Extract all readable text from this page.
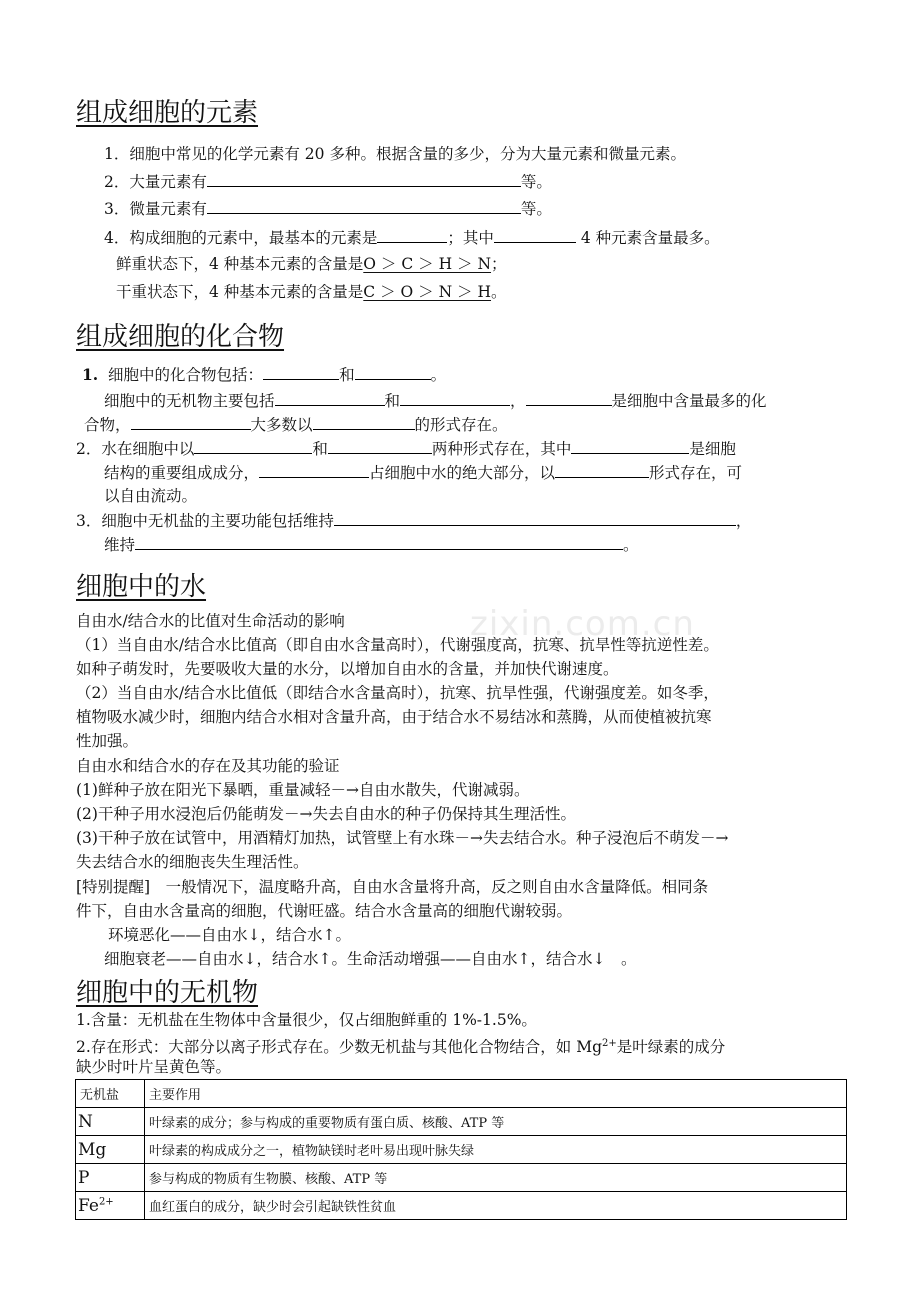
zixin.com.cn
组成细胞的元素
1．细胞中常见的化学元素有 20 多种。根据含量的多少，分为大量元素和微量元素。
2．大量元素有	等。
3．微量元素有	等。
4．构成细胞的元素中，最基本的元素是	；其中	4 种元素含量最多。
鲜重状态下，4 种基本元素的含量是O ＞ C ＞ H ＞ N；
干重状态下，4 种基本元素的含量是C ＞ O ＞ N ＞ H。
组成细胞的化合物
1. 细胞中的化合物包括：	和	。
细胞中的无机物主要包括	和	，	是细胞中含量最多的化
合物，	大多数以	的形式存在。
2．水在细胞中以	和	两种形式存在，其中	是细胞
结构的重要组成成分，	占细胞中水的绝大部分，以	形式存在，可
以自由流动。
3．细胞中无机盐的主要功能包括维持	，
维持	。
细胞中的水
自由水/结合水的比值对生命活动的影响
（1）当自由水/结合水比值高（即自由水含量高时），代谢强度高，抗寒、抗旱性等抗逆性差。
如种子萌发时，先要吸收大量的水分，以增加自由水的含量，并加快代谢速度。
（2）当自由水/结合水比值低（即结合水含量高时），抗寒、抗旱性强，代谢强度差。如冬季，
植物吸水减少时，细胞内结合水相对含量升高，由于结合水不易结冰和蒸腾，从而使植被抗寒
性加强。
自由水和结合水的存在及其功能的验证
(1)鲜种子放在阳光下暴晒，重量减轻－→自由水散失，代谢减弱。
(2)干种子用水浸泡后仍能萌发－→失去自由水的种子仍保持其生理活性。
(3)干种子放在试管中，用酒精灯加热，试管壁上有水珠－→失去结合水。种子浸泡后不萌发－→
失去结合水的细胞丧失生理活性。
[特别提醒]　一般情况下，温度略升高，自由水含量将升高，反之则自由水含量降低。相同条
件下，自由水含量高的细胞，代谢旺盛。结合水含量高的细胞代谢较弱。
环境恶化——自由水↓，结合水↑。
细胞衰老——自由水↓，结合水↑。生命活动增强——自由水↑，结合水↓　。
细胞中的无机物
1.含量：无机盐在生物体中含量很少，仅占细胞鲜重的 1%-1.5%。
2.存在形式：大部分以离子形式存在。少数无机盐与其他化合物结合，如 $Mg^{2+}$是叶绿素的成分
缺少时叶片呈黄色等。
无机盐	主要作用
N	叶绿素的成分；参与构成的重要物质有蛋白质、核酸、ATP 等
Mg	叶绿素的构成成分之一，植物缺镁时老叶易出现叶脉失绿
P	参与构成的物质有生物膜、核酸、ATP 等
$Fe^{2+}$	血红蛋白的成分，缺少时会引起缺铁性贫血
